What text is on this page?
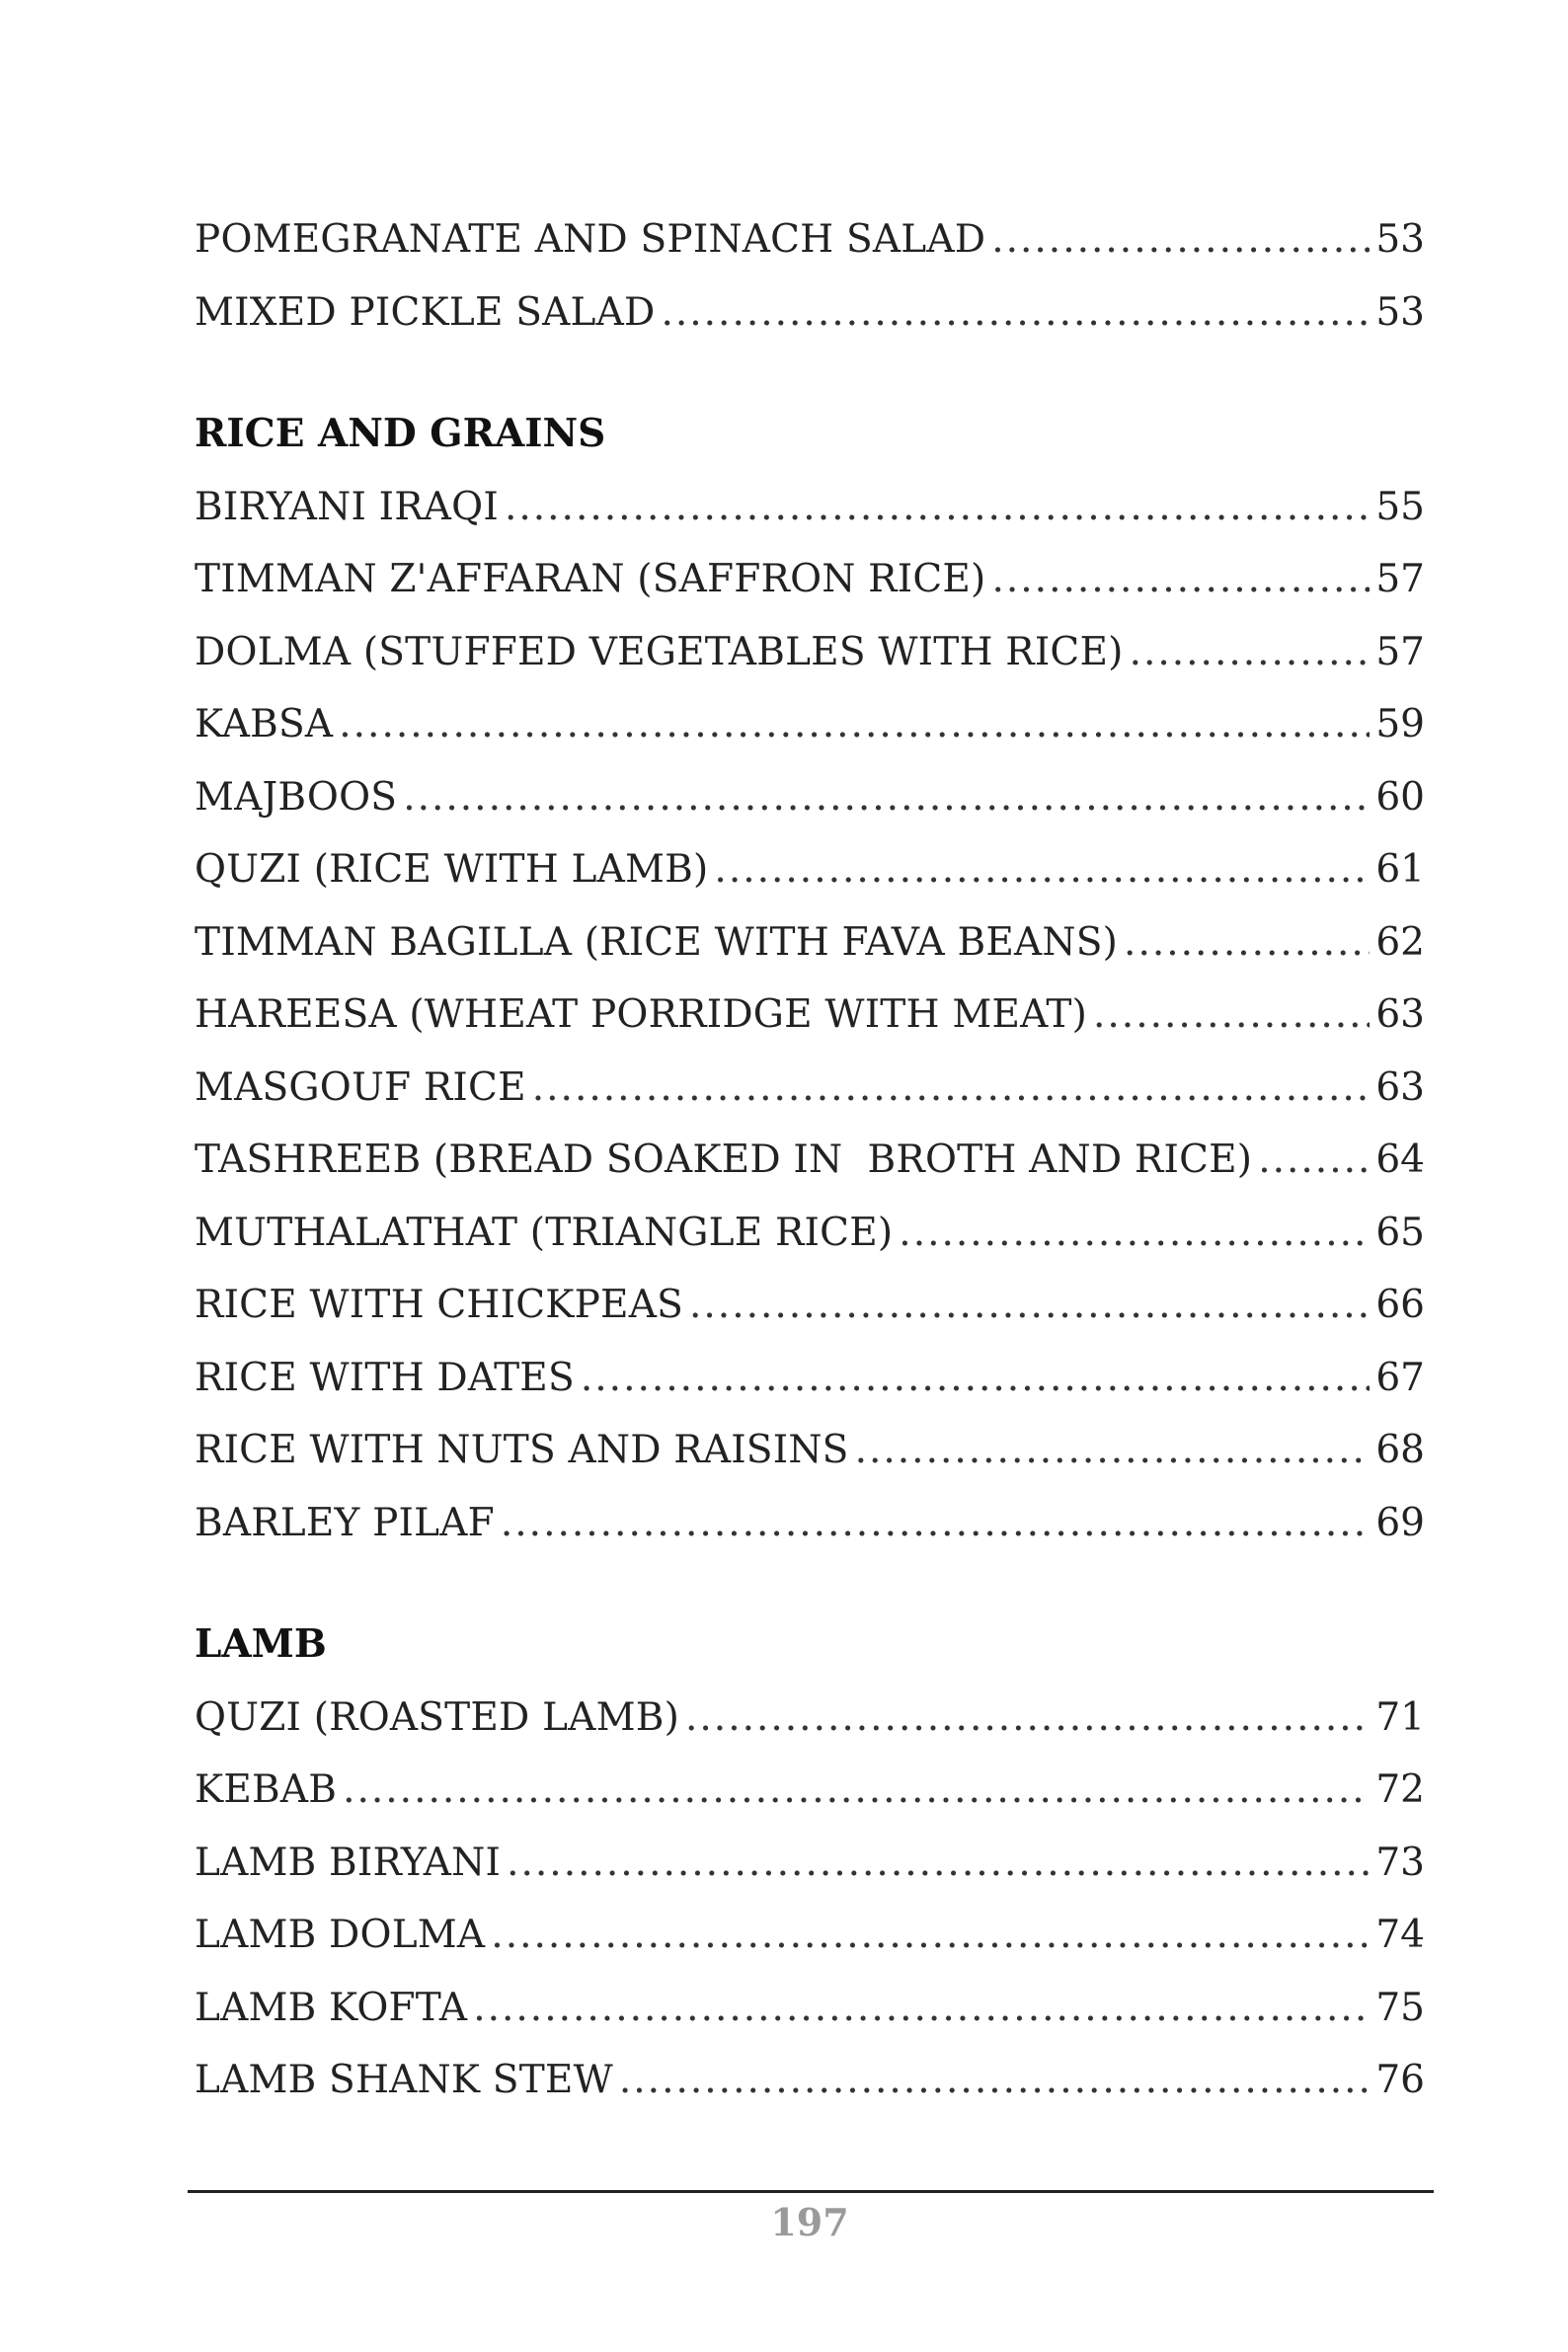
POMEGRANATE AND SPINACH SALAD .....	53
MIXED PICKLE SALAD .....	53
RICE AND GRAINS
BIRYANI IRAQI .....	55
TIMMAN Z'AFFARAN (SAFFRON RICE) .....	57
DOLMA (STUFFED VEGETABLES WITH RICE) .....	57
KABSA .....	59
MAJBOOS .....	60
QUZI (RICE WITH LAMB) .....	61
TIMMAN BAGILLA (RICE WITH FAVA BEANS) .....	62
HAREESA (WHEAT PORRIDGE WITH MEAT) .....	63
MASGOUF RICE .....	63
TASHREEB (BREAD SOAKED IN  BROTH AND RICE) .....	64
MUTHALATHAT (TRIANGLE RICE) .....	65
RICE WITH CHICKPEAS .....	66
RICE WITH DATES .....	67
RICE WITH NUTS AND RAISINS .....	68
BARLEY PILAF .....	69
LAMB
QUZI (ROASTED LAMB) .....	71
KEBAB .....	72
LAMB BIRYANI .....	73
LAMB DOLMA .....	74
LAMB KOFTA .....	75
LAMB SHANK STEW .....	76
197
